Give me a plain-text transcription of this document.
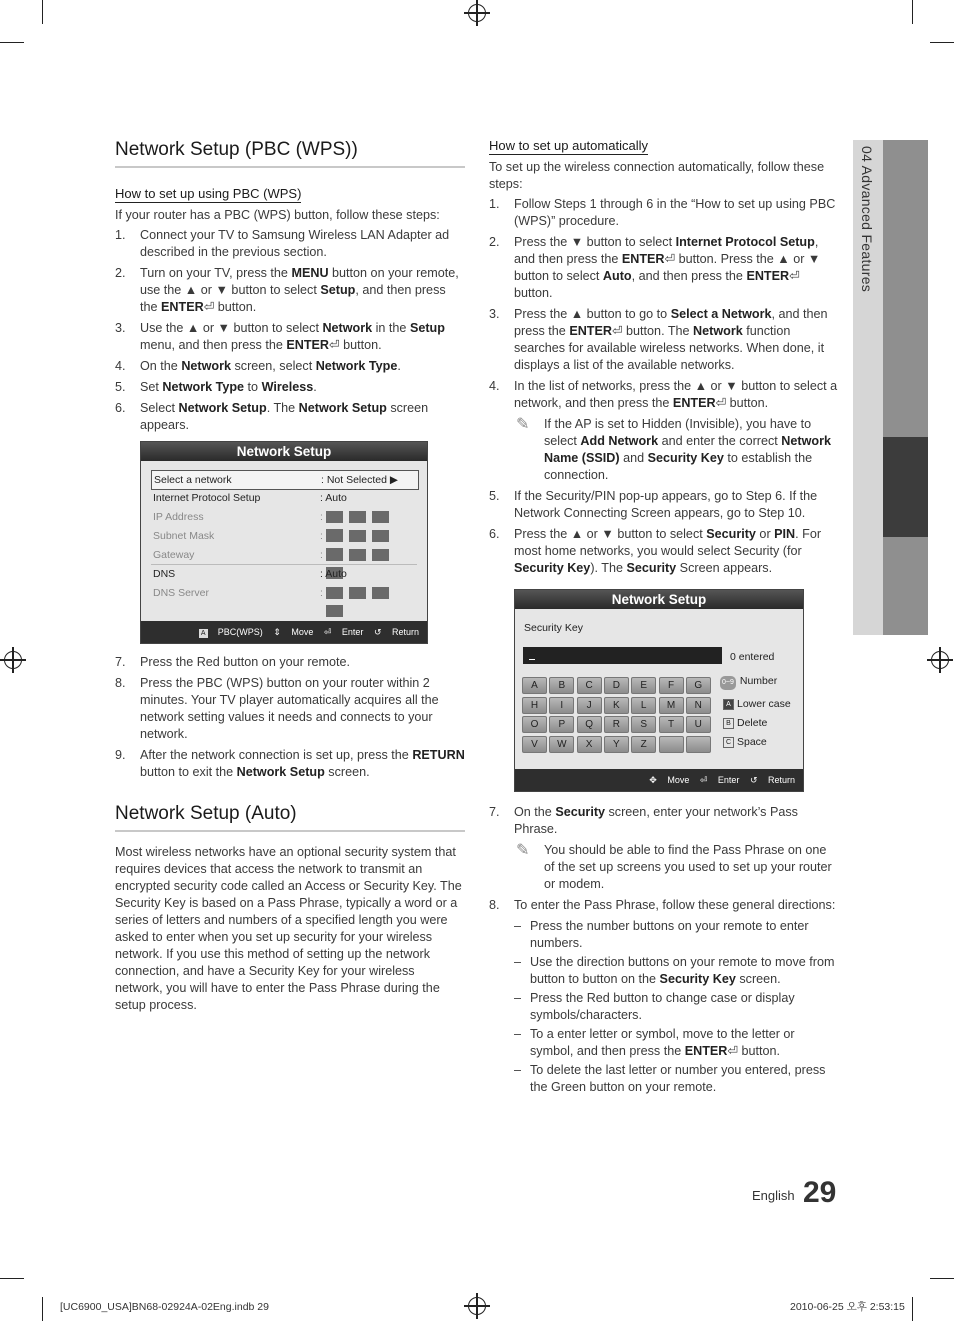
04 Advanced Features
Network Setup (PBC (WPS))
How to set up using PBC (WPS)

If your router has a PBC (WPS) button, follow these steps:

1. Connect your TV to Samsung Wireless LAN Adapter ad described in the previous section.
2. Turn on your TV, press the MENU button on your remote, use the ▲ or ▼ button to select Setup, and then press the ENTER⏎ button.
3. Use the ▲ or ▼ button to select Network in the Setup menu, and then press the ENTER⏎ button.
4. On the Network screen, select Network Type.
5. Set Network Type to Wireless.
6. Select Network Setup. The Network Setup screen appears.
Network Setup
Select a network	: Not Selected ▶
Internet Protocol Setup	: Auto
IP Address	:
Subnet Mask	:
Gateway	:
DNS	: Auto
DNS Server	:
A PBC(WPS) ⇕ Move ⏎ Enter ↺ Return
7. Press the Red button on your remote.
8. Press the PBC (WPS) button on your router within 2 minutes. Your TV player automatically acquires all the network setting values it needs and connects to your network.
9. After the network connection is set up, press the RETURN button to exit the Network Setup screen.
Network Setup (Auto)

Most wireless networks have an optional security system that requires devices that access the network to transmit an encrypted security code called an Access or Security Key. The Security Key is based on a Pass Phrase, typically a word or a series of letters and numbers of a specified length you were asked to enter when you set up security for your wireless network. If you use this method of setting up the network connection, and have a Security Key for your wireless network, you will have to enter the Pass Phrase during the setup process.

How to set up automatically

To set up the wireless connection automatically, follow these steps:

1. Follow Steps 1 through 6 in the “How to set up using PBC (WPS)” procedure.
2. Press the ▼ button to select Internet Protocol Setup, and then press the ENTER⏎ button. Press the ▲ or ▼ button to select Auto, and then press the ENTER⏎ button.
3. Press the ▲ button to go to Select a Network, and then press the ENTER⏎ button. The Network function searches for available wireless networks. When done, it displays a list of the available networks.
4. In the list of networks, press the ▲ or ▼ button to select a network, and then press the ENTER⏎ button.
✎ If the AP is set to Hidden (Invisible), you have to select Add Network and enter the correct Network Name (SSID) and Security Key to establish the connection.
5. If the Security/PIN pop-up appears, go to Step 6. If the Network Connecting Screen appears, go to Step 10.
6. Press the ▲ or ▼ button to select Security or PIN. For most home networks, you would select Security (for Security Key). The Security Screen appears.
Network Setup
Security Key
0 entered
A	B	C	D	E	F	G
H	I	J	K	L	M	N
O	P	Q	R	S	T	U
V	W	X	Y	Z
0~9 Number
A Lower case
B Delete
C Space
✥ Move ⏎ Enter ↺ Return
7. On the Security screen, enter your network’s Pass Phrase.
✎ You should be able to find the Pass Phrase on one of the set up screens you used to set up your router or modem.
8. To enter the Pass Phrase, follow these general directions:
– Press the number buttons on your remote to enter numbers.
– Use the direction buttons on your remote to move from button to button on the Security Key screen.
– Press the Red button to change case or display symbols/characters.
– To a enter letter or symbol, move to the letter or symbol, and then press the ENTER⏎ button.
– To delete the last letter or number you entered, press the Green button on your remote.
English 29
[UC6900_USA]BN68-02924A-02Eng.indb 29	2010-06-25 오후 2:53:15
